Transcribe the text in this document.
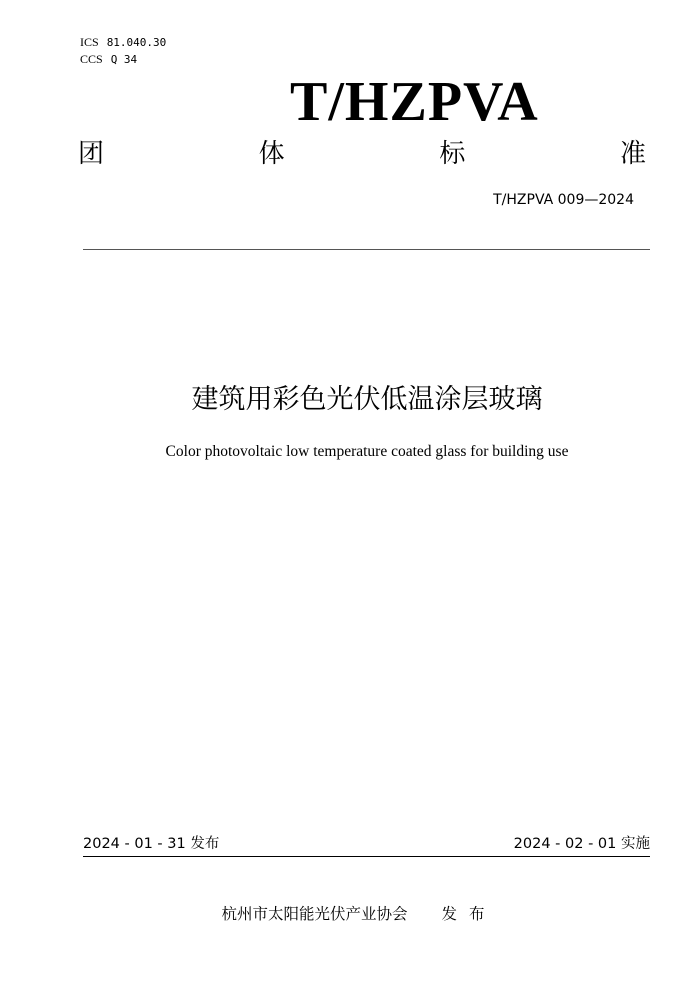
ICS 81.040.30
CCS Q 34
T/HZPVA
团	体	标	准
T/HZPVA 009—2024
建筑用彩色光伏低温涂层玻璃
Color photovoltaic low temperature coated glass for building use
2024 - 01 - 31 发布	2024 - 02 - 01 实施
杭州市太阳能光伏产业协会 发布
